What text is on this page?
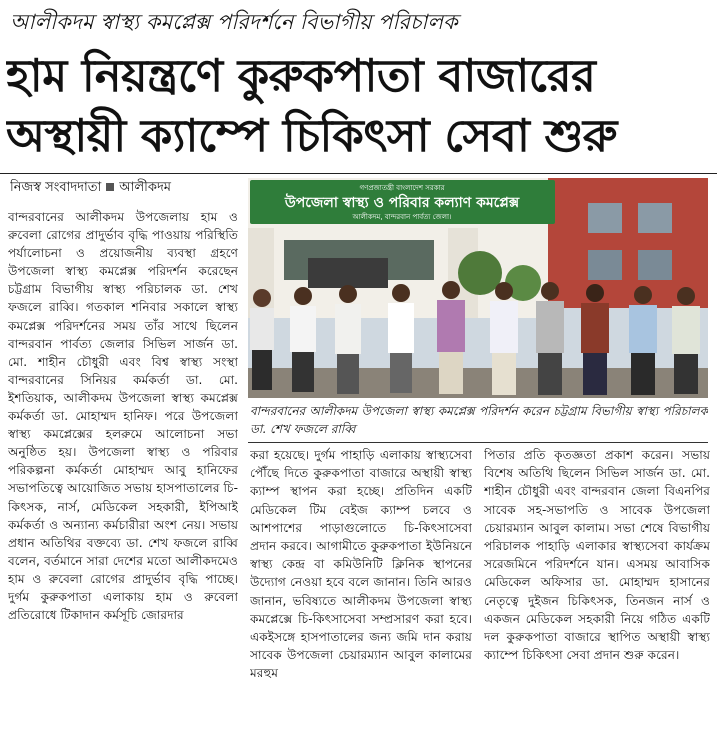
আলীকদম স্বাস্থ্য কমপ্লেক্স পরিদর্শনে বিভাগীয় পরিচালক
হাম নিয়ন্ত্রণে কুরুকপাতা বাজারের
অস্থায়ী ক্যাম্পে চিকিৎসা সেবা শুরু
নিজস্ব সংবাদদাতা আলীকদম

বান্দরবানের আলীকদম উপজেলায় হাম ও রুবেলা রোগের প্রাদুর্ভাব বৃদ্ধি পাওয়ায় পরিস্থিতি পর্যালোচনা ও প্রয়োজনীয় ব্যবস্থা গ্রহণে উপজেলা স্বাস্থ্য কমপ্লেক্স পরিদর্শন করেছেন চট্টগ্রাম বিভাগীয় স্বাস্থ্য পরিচালক ডা. শেখ ফজলে রাব্বি। গতকাল শনিবার সকালে স্বাস্থ্য কমপ্লেক্স পরিদর্শনের সময় তাঁর সাথে ছিলেন বান্দরবান পার্বত্য জেলার সিভিল সার্জন ডা. মো. শাহীন চৌধুরী এবং বিশ্ব স্বাস্থ্য সংস্থা বান্দরবানের সিনিয়র কর্মকর্তা ডা. মো. ইশতিয়াক, আলীকদম উপজেলা স্বাস্থ্য কমপ্লেক্স কর্মকর্তা ডা. মোহাম্মদ হানিফ। পরে উপজেলা স্বাস্থ্য কমপ্লেক্সের হলরুমে আলোচনা সভা অনুষ্ঠিত হয়। উপজেলা স্বাস্থ্য ও পরিবার পরিকল্পনা কর্মকর্তা মোহাম্মদ আবু হানিফের সভাপতিত্বে আয়োজিত সভায় হাসপাতালের চি-কিৎসক, নার্স, মেডিকেল সহকারী, ইপিআই কর্মকর্তা ও অন্যান্য কর্মচারীরা অংশ নেয়। সভায় প্রধান অতিথির বক্তব্যে ডা. শেখ ফজলে রাব্বি বলেন, বর্তমানে সারা দেশের মতো আলীকদমেও হাম ও রুবেলা রোগের প্রাদুর্ভাব বৃদ্ধি পাচ্ছে। দুর্গম কুরুকপাতা এলাকায় হাম ও রুবেলা প্রতিরোধে টিকাদান কর্মসূচি জোরদার

গণপ্রজাতন্ত্রী বাংলাদেশ সরকার
উপজেলা স্বাস্থ্য ও পরিবার কল্যাণ কমপ্লেক্স
আলীকদম, বান্দরবান পার্বত্য জেলা।
বান্দরবানের আলীকদম উপজেলা স্বাস্থ্য কমপ্লেক্স পরিদর্শন করেন চট্টগ্রাম বিভাগীয় স্বাস্থ্য পরিচালক ডা. শেখ ফজলে রাব্বি

করা হয়েছে। দুর্গম পাহাড়ি এলাকায় স্বাস্থ্যসেবা পৌঁছে দিতে কুরুকপাতা বাজারে অস্থায়ী স্বাস্থ্য ক্যাম্প স্থাপন করা হচ্ছে। প্রতিদিন একটি মেডিকেল টিম বেইজ ক্যাম্প চলবে ও আশপাশের পাড়াগুলোতে চি-কিৎসাসেবা প্রদান করবে। আগামীতে কুরুকপাতা ইউনিয়নে স্বাস্থ্য কেন্দ্র বা কমিউনিটি ক্লিনিক স্থাপনের উদ্যোগ নেওয়া হবে বলে জানান। তিনি আরও জানান, ভবিষ্যতে আলীকদম উপজেলা স্বাস্থ্য কমপ্লেক্সে চি-কিৎসাসেবা সম্প্রসারণ করা হবে। একইসঙ্গে হাসপাতালের জন্য জমি দান করায় সাবেক উপজেলা চেয়ারম্যান আবুল কালামের মরহুম

পিতার প্রতি কৃতজ্ঞতা প্রকাশ করেন। সভায় বিশেষ অতিথি ছিলেন সিভিল সার্জন ডা. মো. শাহীন চৌধুরী এবং বান্দরবান জেলা বিএনপির সাবেক সহ-সভাপতি ও সাবেক উপজেলা চেয়ারম্যান আবুল কালাম। সভা শেষে বিভাগীয় পরিচালক পাহাড়ি এলাকার স্বাস্থ্যসেবা কার্যক্রম সরেজমিনে পরিদর্শনে যান। এসময় আবাসিক মেডিকেল অফিসার ডা. মোহাম্মদ হাসানের নেতৃত্বে দুইজন চিকিৎসক, তিনজন নার্স ও একজন মেডিকেল সহকারী নিয়ে গঠিত একটি দল কুরুকপাতা বাজারে স্থাপিত অস্থায়ী স্বাস্থ্য ক্যাম্পে চিকিৎসা সেবা প্রদান শুরু করেন।
